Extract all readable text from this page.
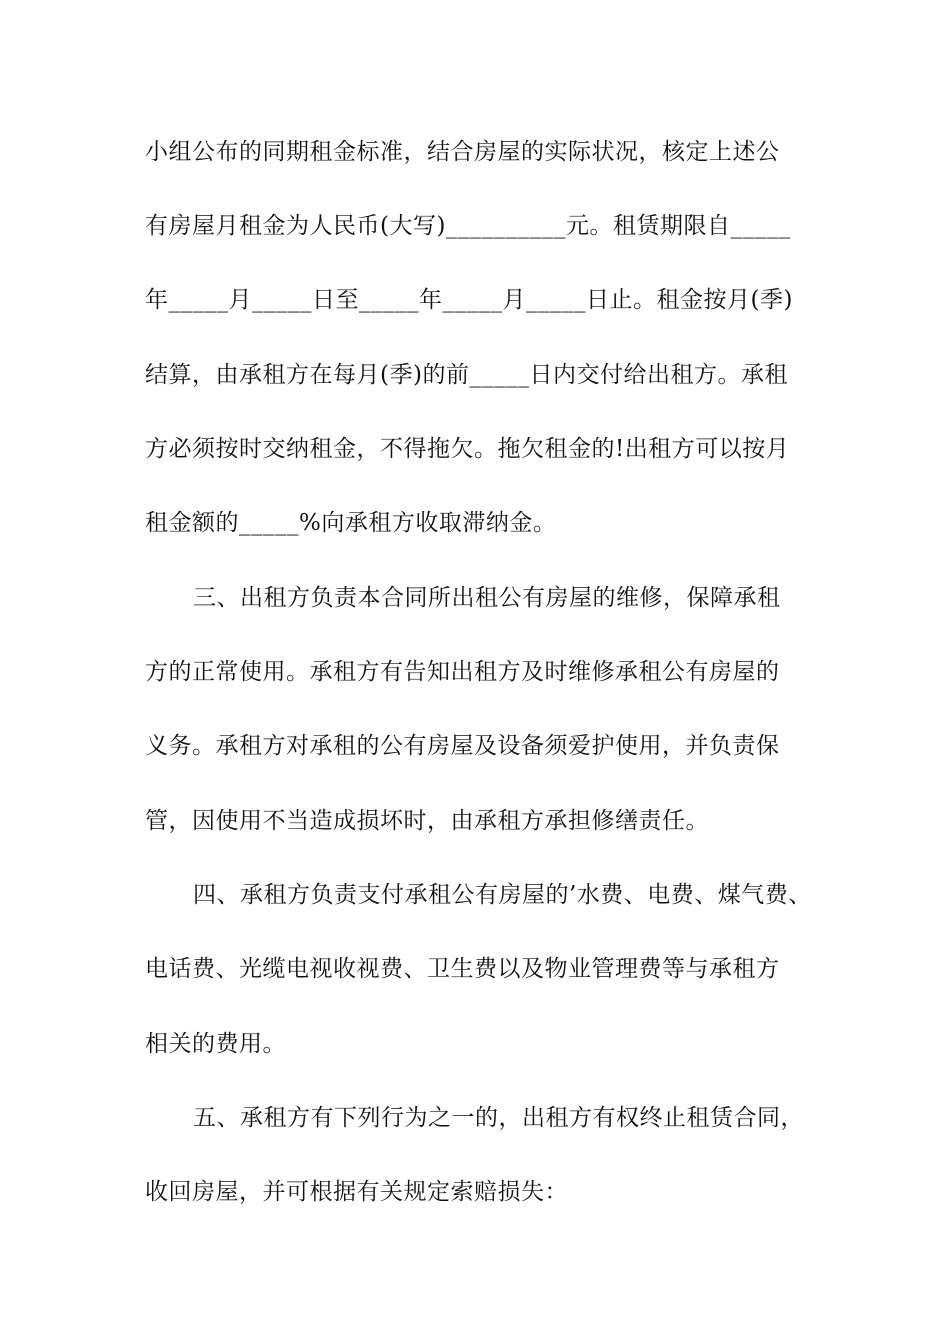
小组公布的同期租金标准，结合房屋的实际状况，核定上述公
有房屋月租金为人民币(大写)__________元。租赁期限自_____
年_____月_____日至_____年_____月_____日止。租金按月(季)
结算，由承租方在每月(季)的前_____日内交付给出租方。承租
方必须按时交纳租金，不得拖欠。拖欠租金的!出租方可以按月
租金额的_____%向承租方收取滞纳金。
三、出租方负责本合同所出租公有房屋的维修，保障承租
方的正常使用。承租方有告知出租方及时维修承租公有房屋的
义务。承租方对承租的公有房屋及设备须爱护使用，并负责保
管，因使用不当造成损坏时，由承租方承担修缮责任。
四、承租方负责支付承租公有房屋的’水费、电费、煤气费、
电话费、光缆电视收视费、卫生费以及物业管理费等与承租方
相关的费用。
五、承租方有下列行为之一的，出租方有权终止租赁合同，
收回房屋，并可根据有关规定索赔损失：
